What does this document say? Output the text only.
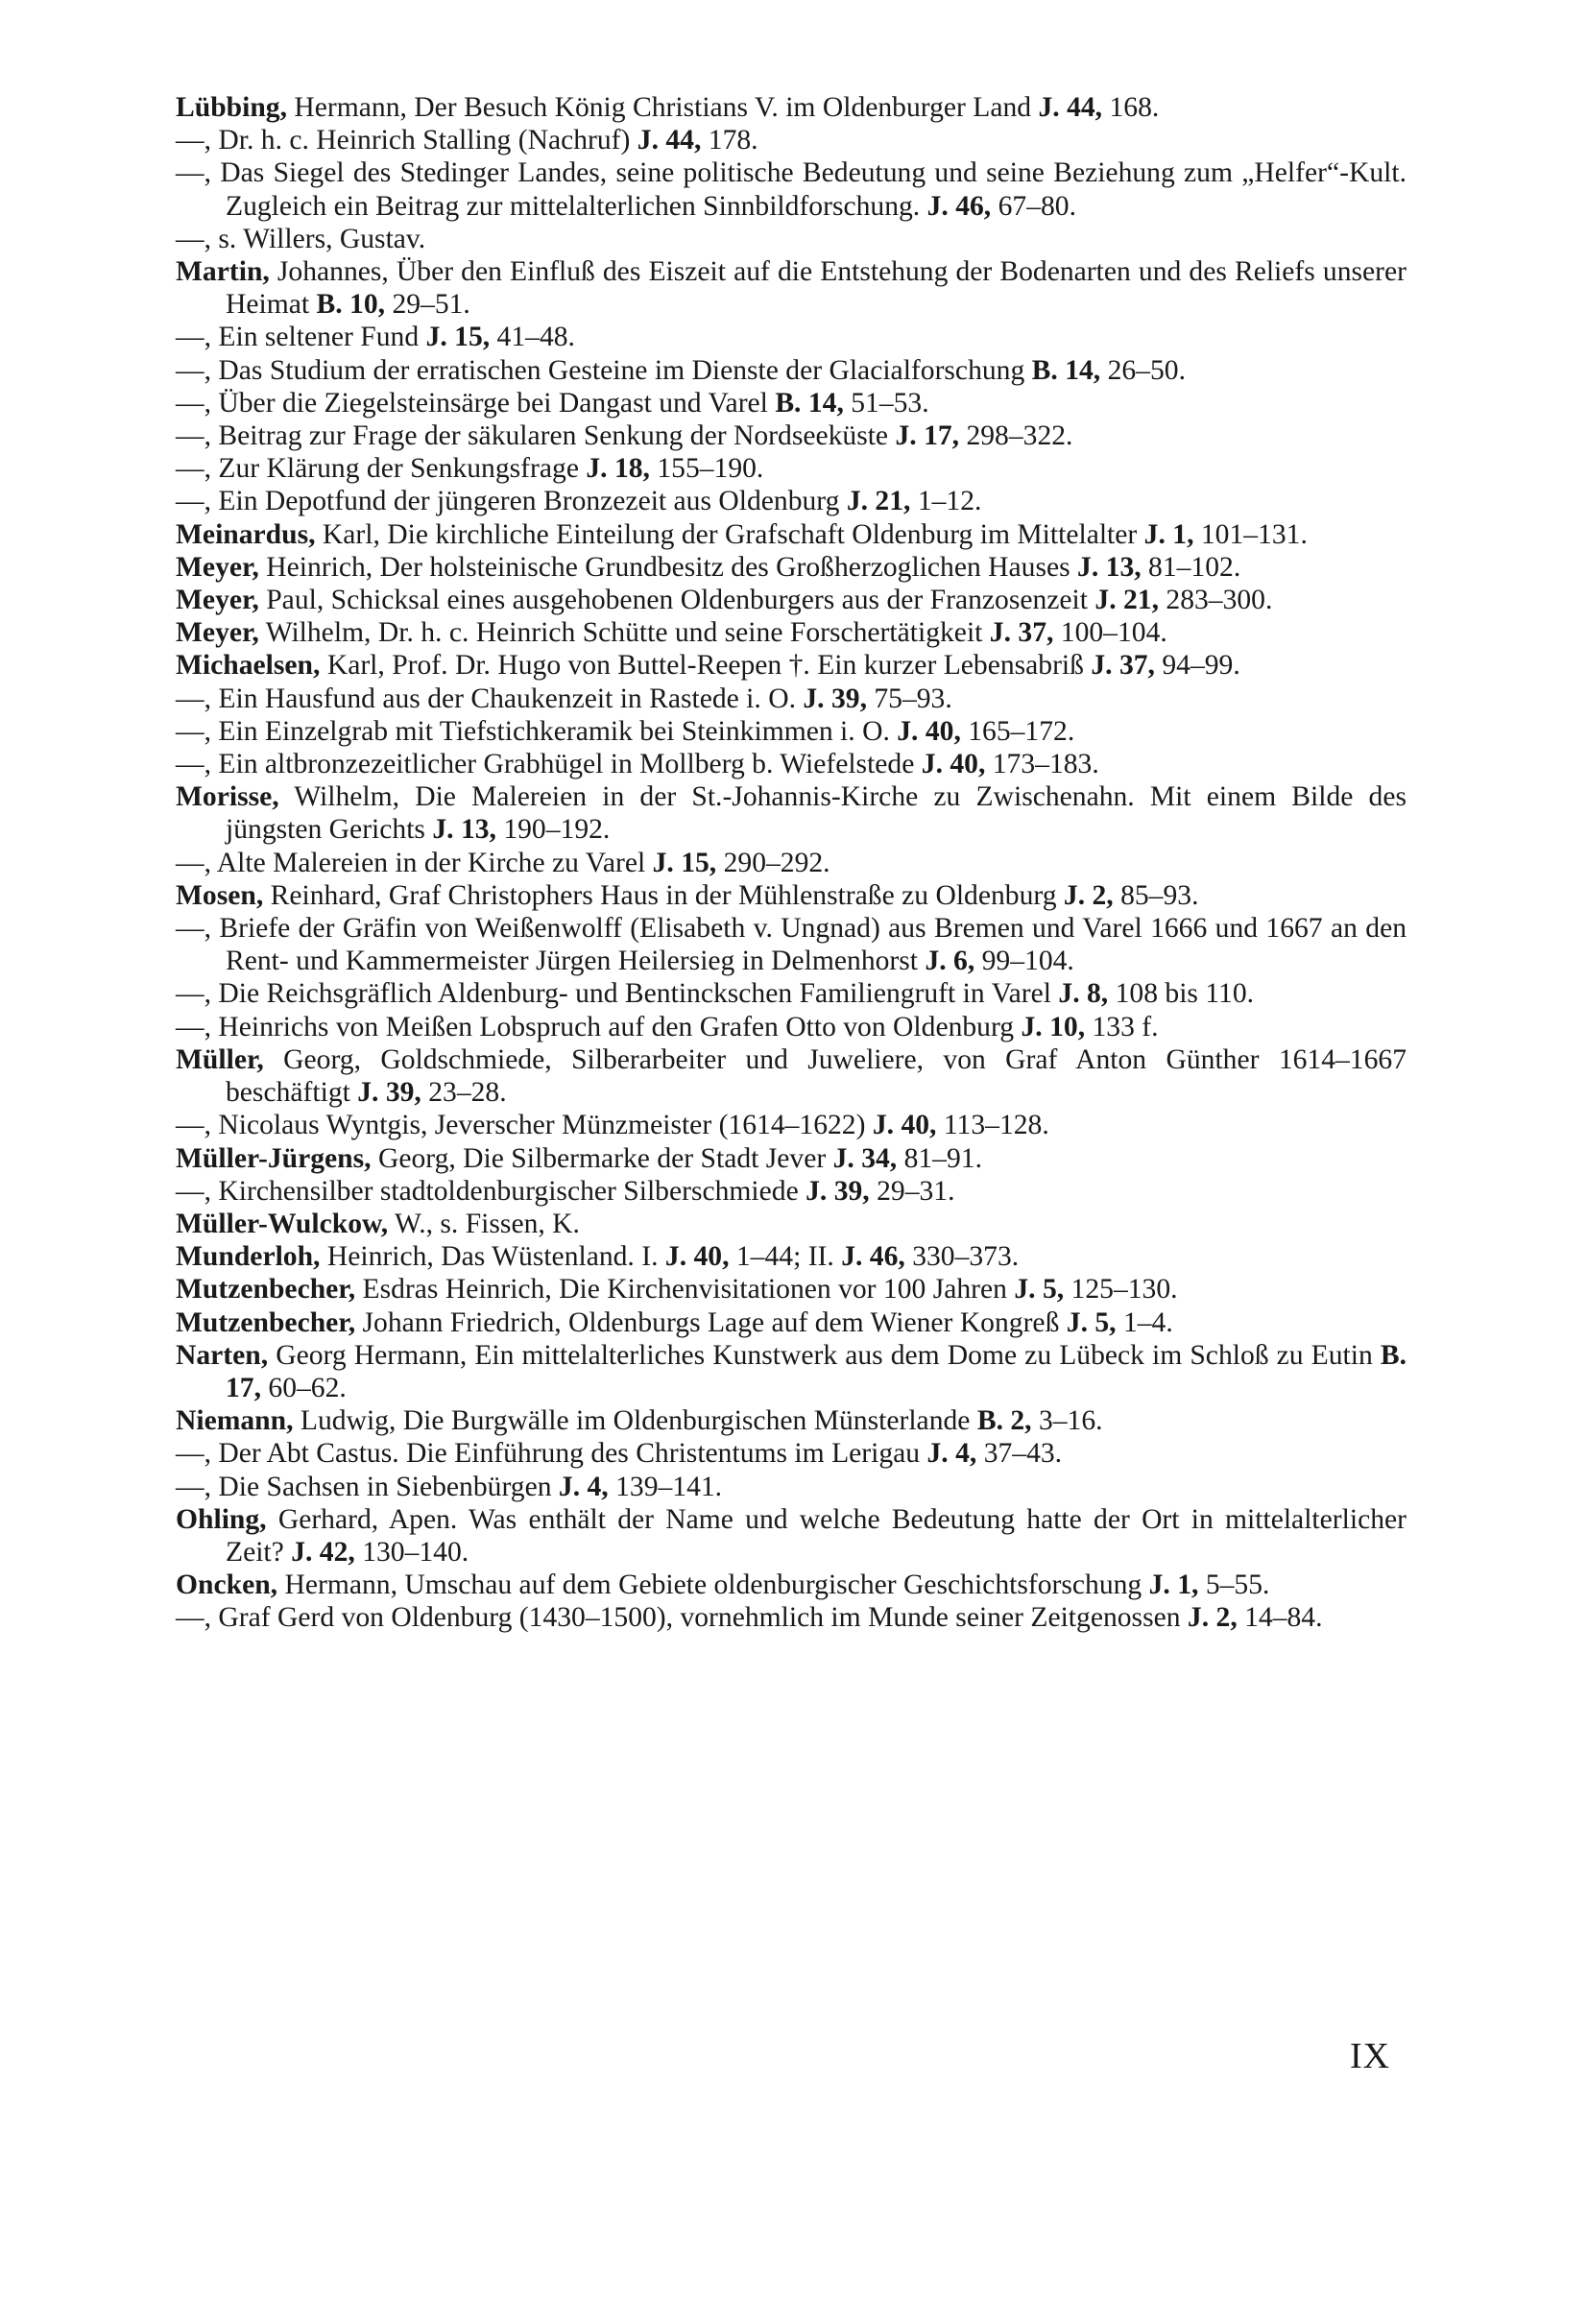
Lübbing, Hermann, Der Besuch König Christians V. im Oldenburger Land J. 44, 168.

—, Dr. h. c. Heinrich Stalling (Nachruf) J. 44, 178.

—, Das Siegel des Stedinger Landes, seine politische Bedeutung und seine Beziehung zum „Helfer“-Kult. Zugleich ein Beitrag zur mittelalterlichen Sinnbildforschung. J. 46, 67–80.

—, s. Willers, Gustav.

Martin, Johannes, Über den Einfluß des Eiszeit auf die Entstehung der Bodenarten und des Reliefs unserer Heimat B. 10, 29–51.

—, Ein seltener Fund J. 15, 41–48.

—, Das Studium der erratischen Gesteine im Dienste der Glacialforschung B. 14, 26–50.

—, Über die Ziegelsteinsärge bei Dangast und Varel B. 14, 51–53.

—, Beitrag zur Frage der säkularen Senkung der Nordseeküste J. 17, 298–322.

—, Zur Klärung der Senkungsfrage J. 18, 155–190.

—, Ein Depotfund der jüngeren Bronzezeit aus Oldenburg J. 21, 1–12.

Meinardus, Karl, Die kirchliche Einteilung der Grafschaft Oldenburg im Mittelalter J. 1, 101–131.

Meyer, Heinrich, Der holsteinische Grundbesitz des Großherzoglichen Hauses J. 13, 81–102.

Meyer, Paul, Schicksal eines ausgehobenen Oldenburgers aus der Franzosenzeit J. 21, 283–300.

Meyer, Wilhelm, Dr. h. c. Heinrich Schütte und seine Forschertätigkeit J. 37, 100–104.

Michaelsen, Karl, Prof. Dr. Hugo von Buttel-Reepen †. Ein kurzer Lebensabriß J. 37, 94–99.

—, Ein Hausfund aus der Chaukenzeit in Rastede i. O. J. 39, 75–93.

—, Ein Einzelgrab mit Tiefstichkeramik bei Steinkimmen i. O. J. 40, 165–172.

—, Ein altbronzezeitlicher Grabhügel in Mollberg b. Wiefelstede J. 40, 173–183.

Morisse, Wilhelm, Die Malereien in der St.-Johannis-Kirche zu Zwischenahn. Mit einem Bilde des jüngsten Gerichts J. 13, 190–192.

—, Alte Malereien in der Kirche zu Varel J. 15, 290–292.

Mosen, Reinhard, Graf Christophers Haus in der Mühlenstraße zu Oldenburg J. 2, 85–93.

—, Briefe der Gräfin von Weißenwolff (Elisabeth v. Ungnad) aus Bremen und Varel 1666 und 1667 an den Rent- und Kammermeister Jürgen Heilersieg in Delmenhorst J. 6, 99–104.

—, Die Reichsgräflich Aldenburg- und Bentinckschen Familiengruft in Varel J. 8, 108 bis 110.

—, Heinrichs von Meißen Lobspruch auf den Grafen Otto von Oldenburg J. 10, 133 f.

Müller, Georg, Goldschmiede, Silberarbeiter und Juweliere, von Graf Anton Günther 1614–1667 beschäftigt J. 39, 23–28.

—, Nicolaus Wyntgis, Jeverscher Münzmeister (1614–1622) J. 40, 113–128.

Müller-Jürgens, Georg, Die Silbermarke der Stadt Jever J. 34, 81–91.

—, Kirchensilber stadtoldenburgischer Silberschmiede J. 39, 29–31.

Müller-Wulckow, W., s. Fissen, K.

Munderloh, Heinrich, Das Wüstenland. I. J. 40, 1–44; II. J. 46, 330–373.

Mutzenbecher, Esdras Heinrich, Die Kirchenvisitationen vor 100 Jahren J. 5, 125–130.

Mutzenbecher, Johann Friedrich, Oldenburgs Lage auf dem Wiener Kongreß J. 5, 1–4.

Narten, Georg Hermann, Ein mittelalterliches Kunstwerk aus dem Dome zu Lübeck im Schloß zu Eutin B. 17, 60–62.

Niemann, Ludwig, Die Burgwälle im Oldenburgischen Münsterlande B. 2, 3–16.

—, Der Abt Castus. Die Einführung des Christentums im Lerigau J. 4, 37–43.

—, Die Sachsen in Siebenbürgen J. 4, 139–141.

Ohling, Gerhard, Apen. Was enthält der Name und welche Bedeutung hatte der Ort in mittelalterlicher Zeit? J. 42, 130–140.

Oncken, Hermann, Umschau auf dem Gebiete oldenburgischer Geschichtsforschung J. 1, 5–55.

—, Graf Gerd von Oldenburg (1430–1500), vornehmlich im Munde seiner Zeitgenossen J. 2, 14–84.

IX
